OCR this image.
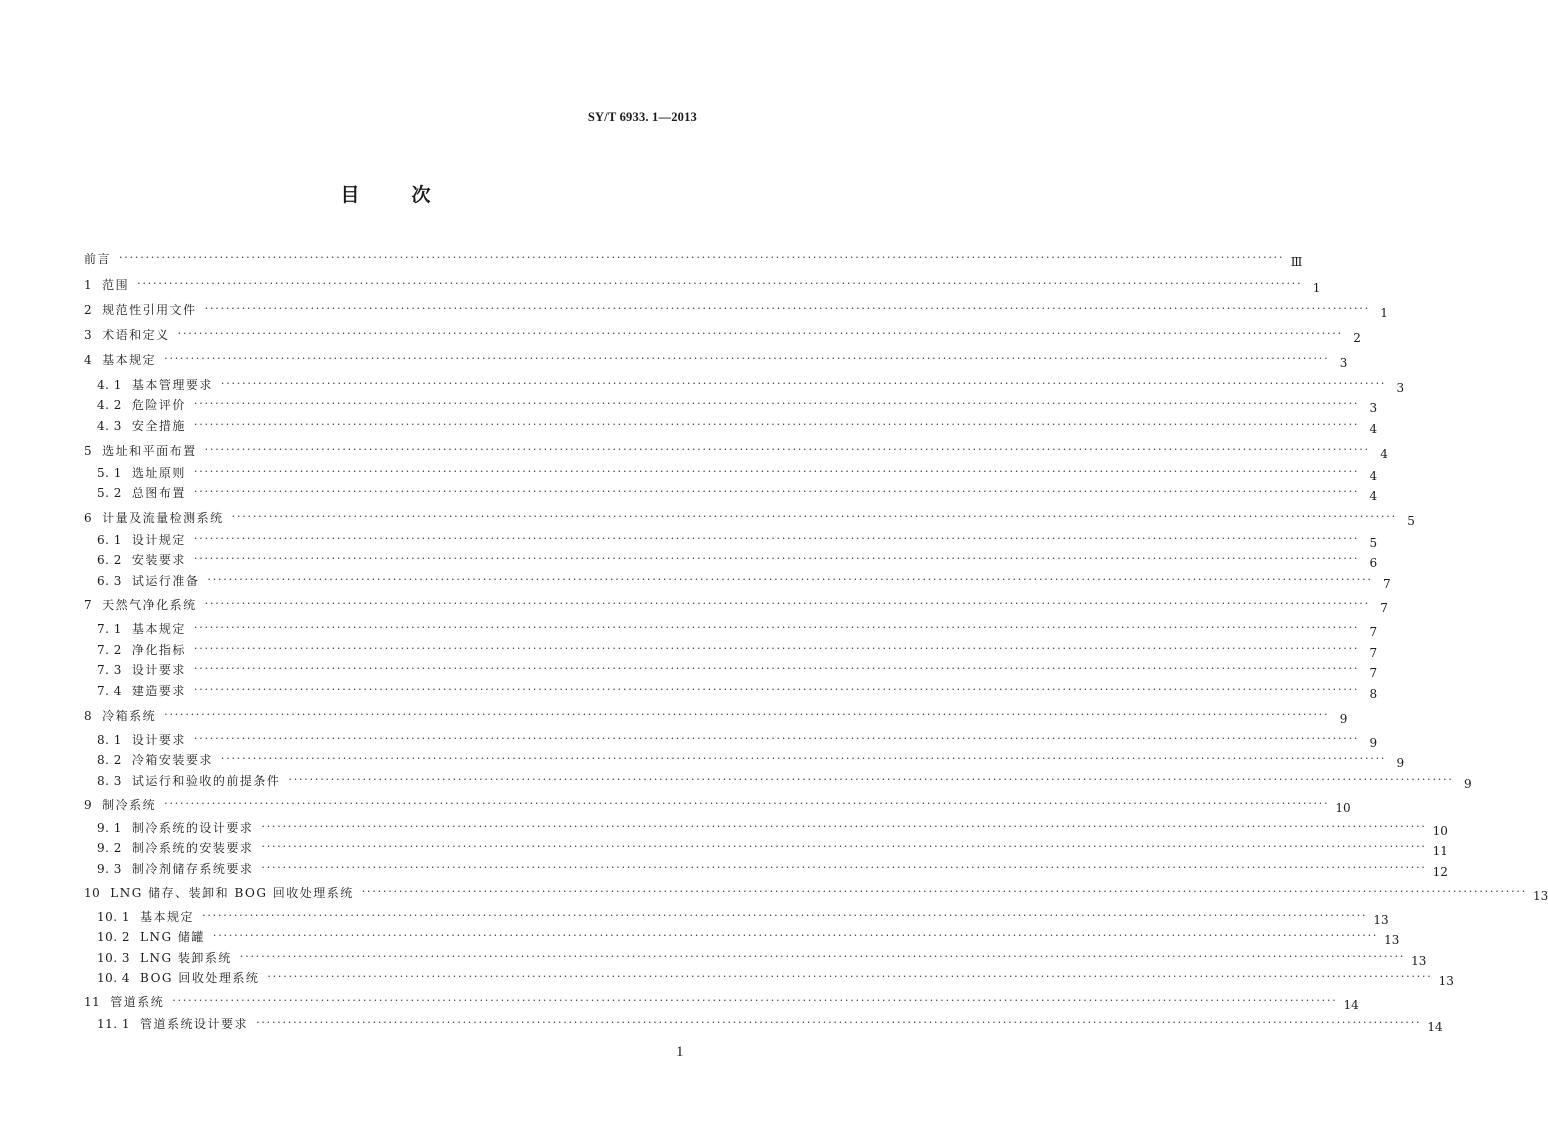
SY/T 6933. 1—2013
目	次
前言 ···························································································································································································································· Ⅲ
1 范围 ···························································································································································································································· 1
2 规范性引用文件 ···························································································································································································································· 1
3 术语和定义 ···························································································································································································································· 2
4 基本规定 ···························································································································································································································· 3
4. 1 基本管理要求 ···························································································································································································································· 3
4. 2 危险评价 ···························································································································································································································· 3
4. 3 安全措施 ···························································································································································································································· 4
5 选址和平面布置 ···························································································································································································································· 4
5. 1 选址原则 ···························································································································································································································· 4
5. 2 总图布置 ···························································································································································································································· 4
6 计量及流量检测系统 ···························································································································································································································· 5
6. 1 设计规定 ···························································································································································································································· 5
6. 2 安装要求 ···························································································································································································································· 6
6. 3 试运行准备 ···························································································································································································································· 7
7 天然气净化系统 ···························································································································································································································· 7
7. 1 基本规定 ···························································································································································································································· 7
7. 2 净化指标 ···························································································································································································································· 7
7. 3 设计要求 ···························································································································································································································· 7
7. 4 建造要求 ···························································································································································································································· 8
8 冷箱系统 ···························································································································································································································· 9
8. 1 设计要求 ···························································································································································································································· 9
8. 2 冷箱安装要求 ···························································································································································································································· 9
8. 3 试运行和验收的前提条件 ···························································································································································································································· 9
9 制冷系统 ···························································································································································································································· 10
9. 1 制冷系统的设计要求 ···························································································································································································································· 10
9. 2 制冷系统的安装要求 ···························································································································································································································· 11
9. 3 制冷剂储存系统要求 ···························································································································································································································· 12
10 LNG 储存、装卸和 BOG 回收处理系统 ···························································································································································································································· 13
10. 1 基本规定 ···························································································································································································································· 13
10. 2 LNG 储罐 ···························································································································································································································· 13
10. 3 LNG 装卸系统 ···························································································································································································································· 13
10. 4 BOG 回收处理系统 ···························································································································································································································· 13
11 管道系统 ···························································································································································································································· 14
11. 1 管道系统设计要求 ···························································································································································································································· 14
1
